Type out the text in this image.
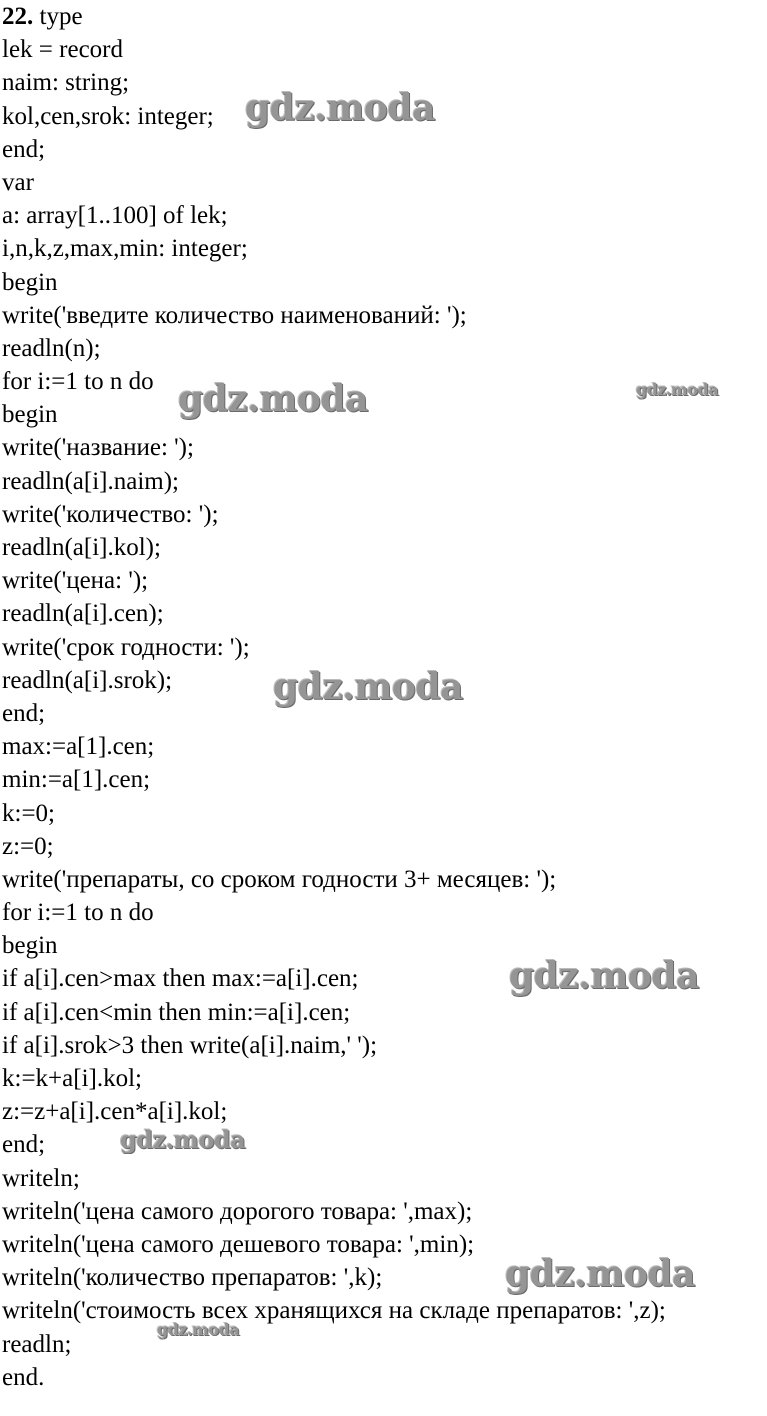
22. type
lek = record
naim: string;
kol,cen,srok: integer;
end;
var
a: array[1..100] of lek;
i,n,k,z,max,min: integer;
begin
write('введите количество наименований: ');
readln(n);
for i:=1 to n do
begin
write('название: ');
readln(a[i].naim);
write('количество: ');
readln(a[i].kol);
write('цена: ');
readln(a[i].cen);
write('срок годности: ');
readln(a[i].srok);
end;
max:=a[1].cen;
min:=a[1].cen;
k:=0;
z:=0;
write('препараты, со сроком годности 3+ месяцев: ');
for i:=1 to n do
begin
if a[i].cen>max then max:=a[i].cen;
if a[i].cen<min then min:=a[i].cen;
if a[i].srok>3 then write(a[i].naim,' ');
k:=k+a[i].kol;
z:=z+a[i].cen*a[i].kol;
end;
writeln;
writeln('цена самого дорогого товара: ',max);
writeln('цена самого дешевого товара: ',min);
writeln('количество препаратов: ',k);
writeln('стоимость всех хранящихся на складе препаратов: ',z);
readln;
end.
gdz.moda
gdz.moda	gdz.moda
gdz.moda
gdz.moda
gdz.moda
gdz.moda
gdz.moda
